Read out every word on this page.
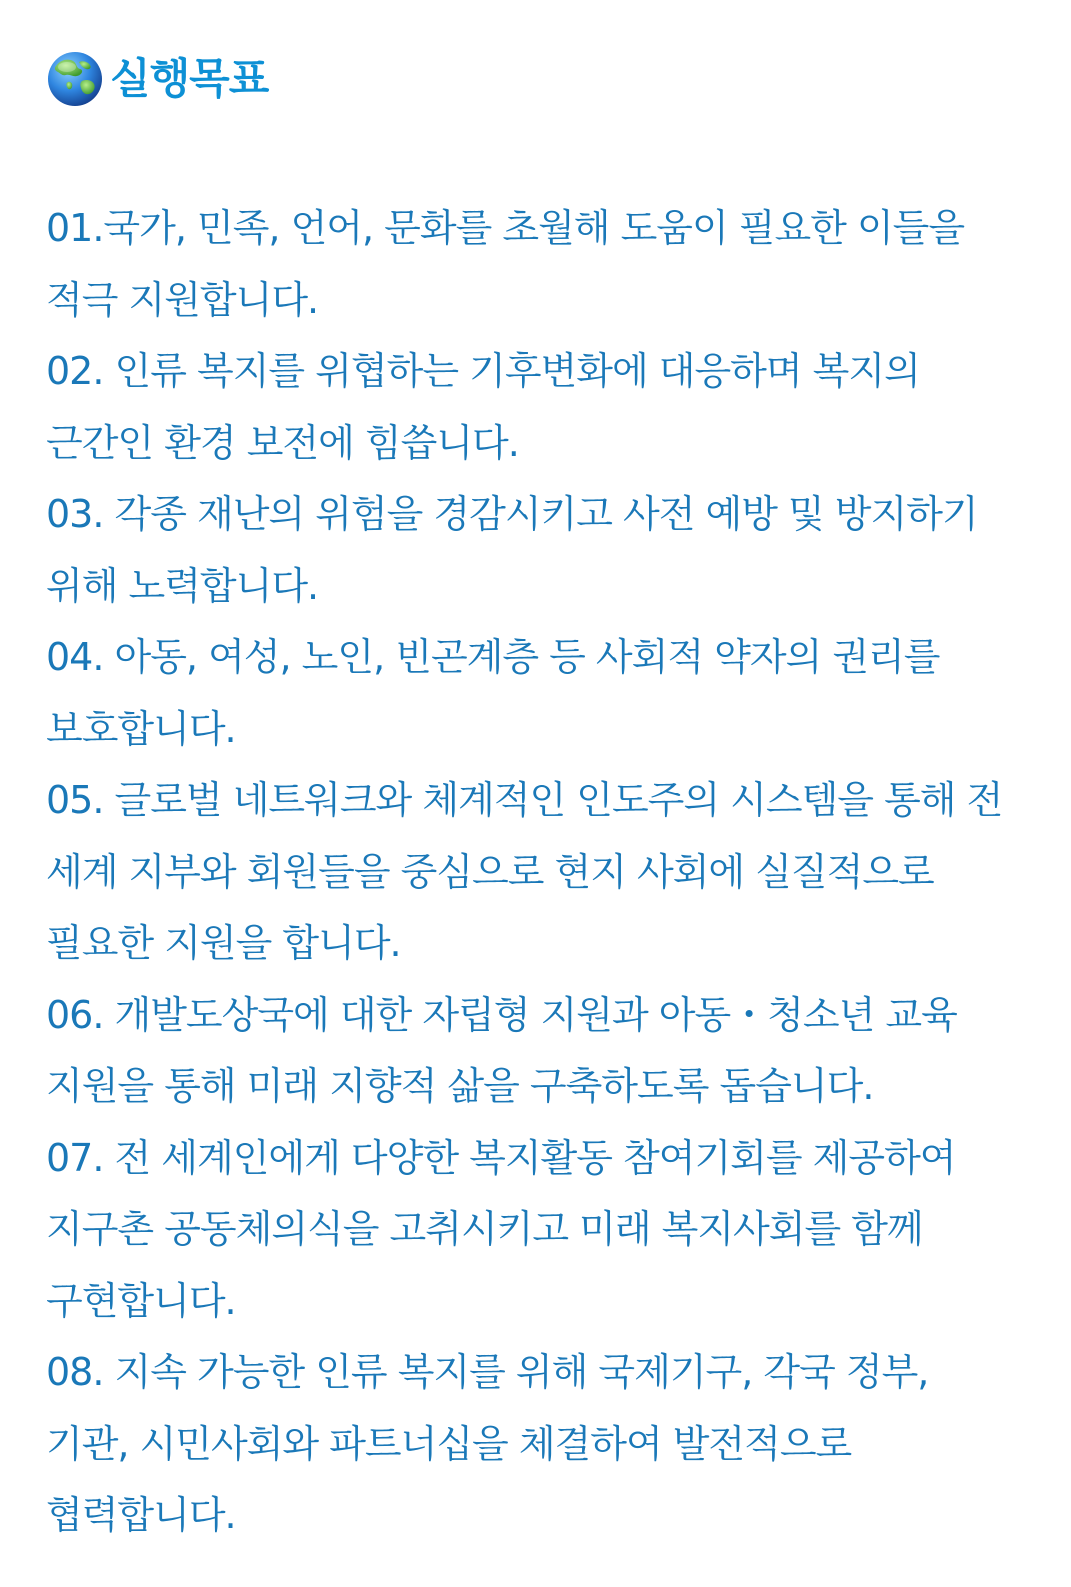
실행목표
01.국가, 민족, 언어, 문화를 초월해 도움이 필요한 이들을 적극 지원합니다.
02. 인류 복지를 위협하는 기후변화에 대응하며 복지의 근간인 환경 보전에 힘씁니다.
03. 각종 재난의 위험을 경감시키고 사전 예방 및 방지하기 위해 노력합니다.
04. 아동, 여성, 노인, 빈곤계층 등 사회적 약자의 권리를 보호합니다.
05. 글로벌 네트워크와 체계적인 인도주의 시스템을 통해 전 세계 지부와 회원들을 중심으로 현지 사회에 실질적으로 필요한 지원을 합니다.
06. 개발도상국에 대한 자립형 지원과 아동・청소년 교육 지원을 통해 미래 지향적 삶을 구축하도록 돕습니다.
07. 전 세계인에게 다양한 복지활동 참여기회를 제공하여 지구촌 공동체의식을 고취시키고 미래 복지사회를 함께 구현합니다.
08. 지속 가능한 인류 복지를 위해 국제기구, 각국 정부, 기관, 시민사회와 파트너십을 체결하여 발전적으로 협력합니다.
